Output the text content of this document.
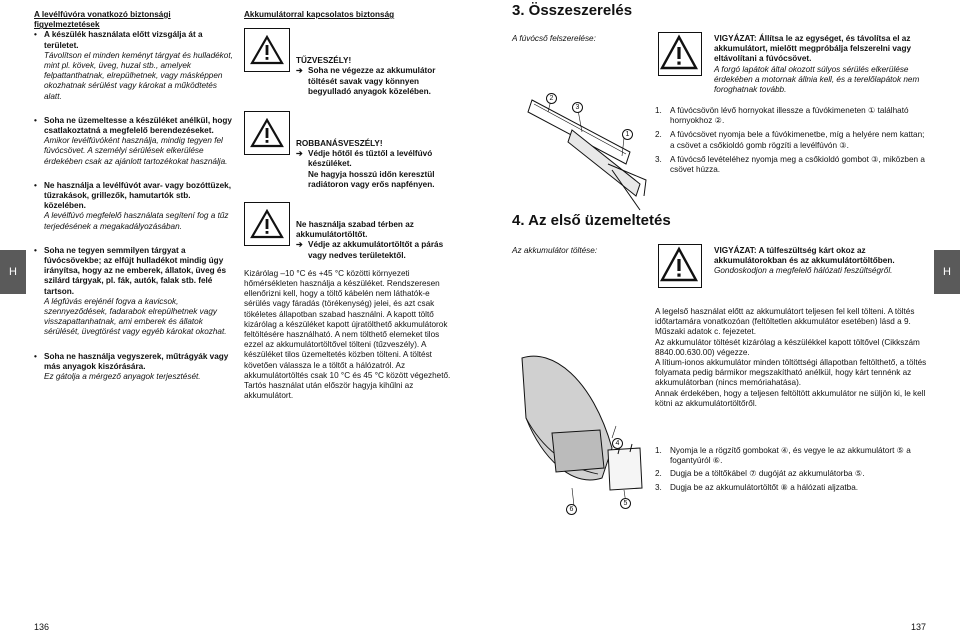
H
136
A levélfúvóra vonatkozó biztonsági
figyelmeztetések
• A készülék használata előtt vizsgálja át a területet.
Távolítson el minden keményt tárgyat és hulladékot, mint pl. kövek, üveg, huzal stb., amelyek felpattanthatnak, elrepülhetnek, vagy másképpen okozhatnak sérülést vagy károkat a működtetés alatt.
• Soha ne üzemeltesse a készüléket anélkül, hogy csatlakoztatná a megfelelő berendezéseket.
Amikor levélfúvóként használja, mindig tegyen fel fúvócsövet. A személyi sérülések elkerülése érdekében csak az ajánlott tartozékokat használja.
• Ne használja a levélfúvót avar- vagy bozóttüzek, tűzrakások, grillezők, hamutartók stb. közelében.
A levélfúvó megfelelő használata segítení fog a tűz terjedésének a megakadályozásában.
• Soha ne tegyen semmilyen tárgyat a fúvócsövekbe; az elfújt hulladékot mindig úgy irányítsa, hogy az ne emberek, állatok, üveg és szilárd tárgyak, pl. fák, autók, falak stb. felé tartson.
A légfúvás erejénél fogva a kavicsok, szennyeződések, fadarabok elrepülhetnek vagy visszapattanhatnak, ami emberek és állatok sérülését, üvegtörést vagy egyéb károkat okozhat.
• Soha ne használja vegyszerek, műtrágyák vagy más anyagok kiszórására.
Ez gátolja a mérgező anyagok terjesztését.
Akkumulátorral kapcsolatos biztonság
TŰZVESZÉLY!
➔ Soha ne végezze az akkumulátor töltését savak vagy könnyen begyulladó anyagok közelében.
ROBBANÁSVESZÉLY!
➔ Védje hőtől és tűztől a levélfúvó készüléket.
Ne hagyja hosszú időn keresztül radiátoron vagy erős napfényen.
Ne használja szabad térben az akkumulátortöltőt.
➔ Védje az akkumulátortöltőt a párás vagy nedves területektől.
Kizárólag –10 °C és +45 °C közötti környezeti hőmérsékleten használja a készüléket. Rendszeresen ellenőrizni kell, hogy a töltő kábelén nem láthatók-e sérülés vagy fáradás (törékenység) jelei, és azt csak tökéletes állapotban szabad használni. A kapott töltő kizárólag a készüléket kapott újratölthető akkumulátorok feltöltésére használható. A nem tölthető elemeket tilos ezzel az akkumulátortöltővel tölteni (tűzveszély). A készüléket tilos üzemeltetés közben tölteni. A töltést követően válassza le a töltőt a hálózatról. Az akkumulátortöltés csak 10 °C és 45 °C között végezhető. Tartós használat után először hagyja kihűlni az akkumulátort.
H
137
3. Összeszerelés
A fúvócső felszerelése:	VIGYÁZAT: Állítsa le az egységet, és távolítsa el az akkumulátort, mielőtt megpróbálja felszerelni vagy eltávolítani a fúvócsövet.
A forgó lapátok által okozott súlyos sérülés elkerülése érdekében a motornak állnia kell, és a terelőlapátok nem foroghatnak tovább.
2
3
1
1. A fúvócsövön lévő hornyokat illessze a fúvókimeneten ① található hornyokhoz ②.
2. A fúvócsövet nyomja bele a fúvókimenetbe, míg a helyére nem kattan; a csövet a csőkioldó gomb rögzíti a levélfúvón ③.
3. A fúvócső levételéhez nyomja meg a csőkioldó gombot ③, miközben a csövet húzza.
4. Az első üzemeltetés
Az akkumulátor töltése:	VIGYÁZAT: A túlfeszültség kárt okoz az akkumulátorokban és az akkumulátortöltőben.
Gondoskodjon a megfelelő hálózati feszültségről.
4
6
5
A legelső használat előtt az akkumulátort teljesen fel kell tölteni. A töltés időtartamára vonatkozóan (feltöltetlen akkumulátor esetében) lásd a 9. Műszaki adatok c. fejezetet.
Az akkumulátor töltését kizárólag a készülékkel kapott töltővel (Cikkszám 8840.00.630.00) végezze.
A lítium-ionos akkumulátor minden töltöttségi állapotban feltölthető, a töltés folyamata pedig bármikor megszakítható anélkül, hogy kárt tennénk az akkumulátorban (nincs memóriahatása).
Annak érdekében, hogy a teljesen feltöltött akkumulátor ne süljön ki, le kell kötni az akkumulátortöltőről.
1. Nyomja le a rögzítő gombokat ④, és vegye le az akkumulátort ⑤ a fogantyúról ⑥.
2. Dugja be a töltőkábel ⑦ dugóját az akkumulátorba ⑤.
3. Dugja be az akkumulátortöltőt ⑧ a hálózati aljzatba.
